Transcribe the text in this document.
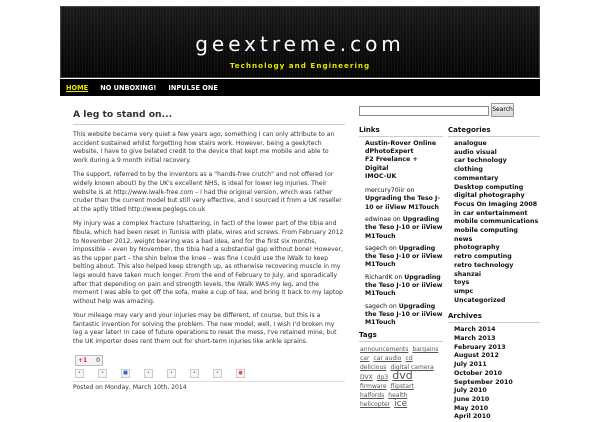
geextreme.com
Technology and Engineering
HOME NO UNBOXING! INPULSE ONE
A leg to stand on...

This website became very quiet a few years ago, something I can only attribute to an accident sustained whilst forgetting how stairs work. However, being a geek/tech website, I have to give belated credit to the device that kept me mobile and able to work during a 9 month initial recovery.

The support, referred to by the inventors as a "hands-free crutch" and not offered (or widely known about) by the UK's excellent NHS, is ideal for lower leg injuries. Their website is at http://www.iwalk-free.com – I had the original version, which was rather cruder than the current model but still very effective, and I sourced it from a UK reseller at the aptly titled http://www.peglegs.co.uk

My injury was a complex fracture (shattering, in fact) of the lower part of the tibia and fibula, which had been reset in Tunisia with plate, wires and screws. From February 2012 to November 2012, weight bearing was a bad idea, and for the first six months, impossible – even by November, the tibia had a substantial gap without bone! However, as the upper part – the shin below the knee – was fine I could use the iWalk to keep belting about. This also helped keep strength up, as otherwise recovering muscle in my legs would have taken much longer. From the end of February to July, and sporadically after that depending on pain and strength levels, the iWalk WAS my leg, and the moment I was able to get off the sofa, make a cup of tea, and bring it back to my laptop without help was amazing.

Your mileage may vary and your injuries may be different, of course, but this is a fantastic invention for solving the problem. The new model, well, I wish I'd broken my leg a year later! In case of future operations to reset the mess, I've retained mine, but the UK importer does rent them out for short-term injuries like ankle sprains.

+1 0
•	•	■	•	•	•	•	●
Posted on Monday, March 10th, 2014
Search
Links
Austin-Rover Online
dPhotoExpert
F2 Freelance + Digital
IMOC-UK
mercury70iir on Upgrading the Teso J-10 or iiView M1Touch
edwinae on Upgrading the Teso J-10 or iiView M1Touch
sagech on Upgrading the Teso J-10 or iiView M1Touch
RichardK on Upgrading the Teso J-10 or iiView M1Touch
sagech on Upgrading the Teso J-10 or iiView M1Touch
Tags
announcements bargains car car audio cd delicious digital camera DVX dp3 dvd firmware flipstart halfords health helicopter ice
Categories
analogue
audio visual
car technology
clothing
commentary
Desktop computing
digital photography
Focus On Imaging 2008
in car entertainment
mobile communications
mobile computing
news
photography
retro computing
retro technology
shanzai
toys
umpc
Uncategorized
Archives
March 2014
March 2013
February 2013
August 2012
July 2011
October 2010
September 2010
July 2010
June 2010
May 2010
April 2010
